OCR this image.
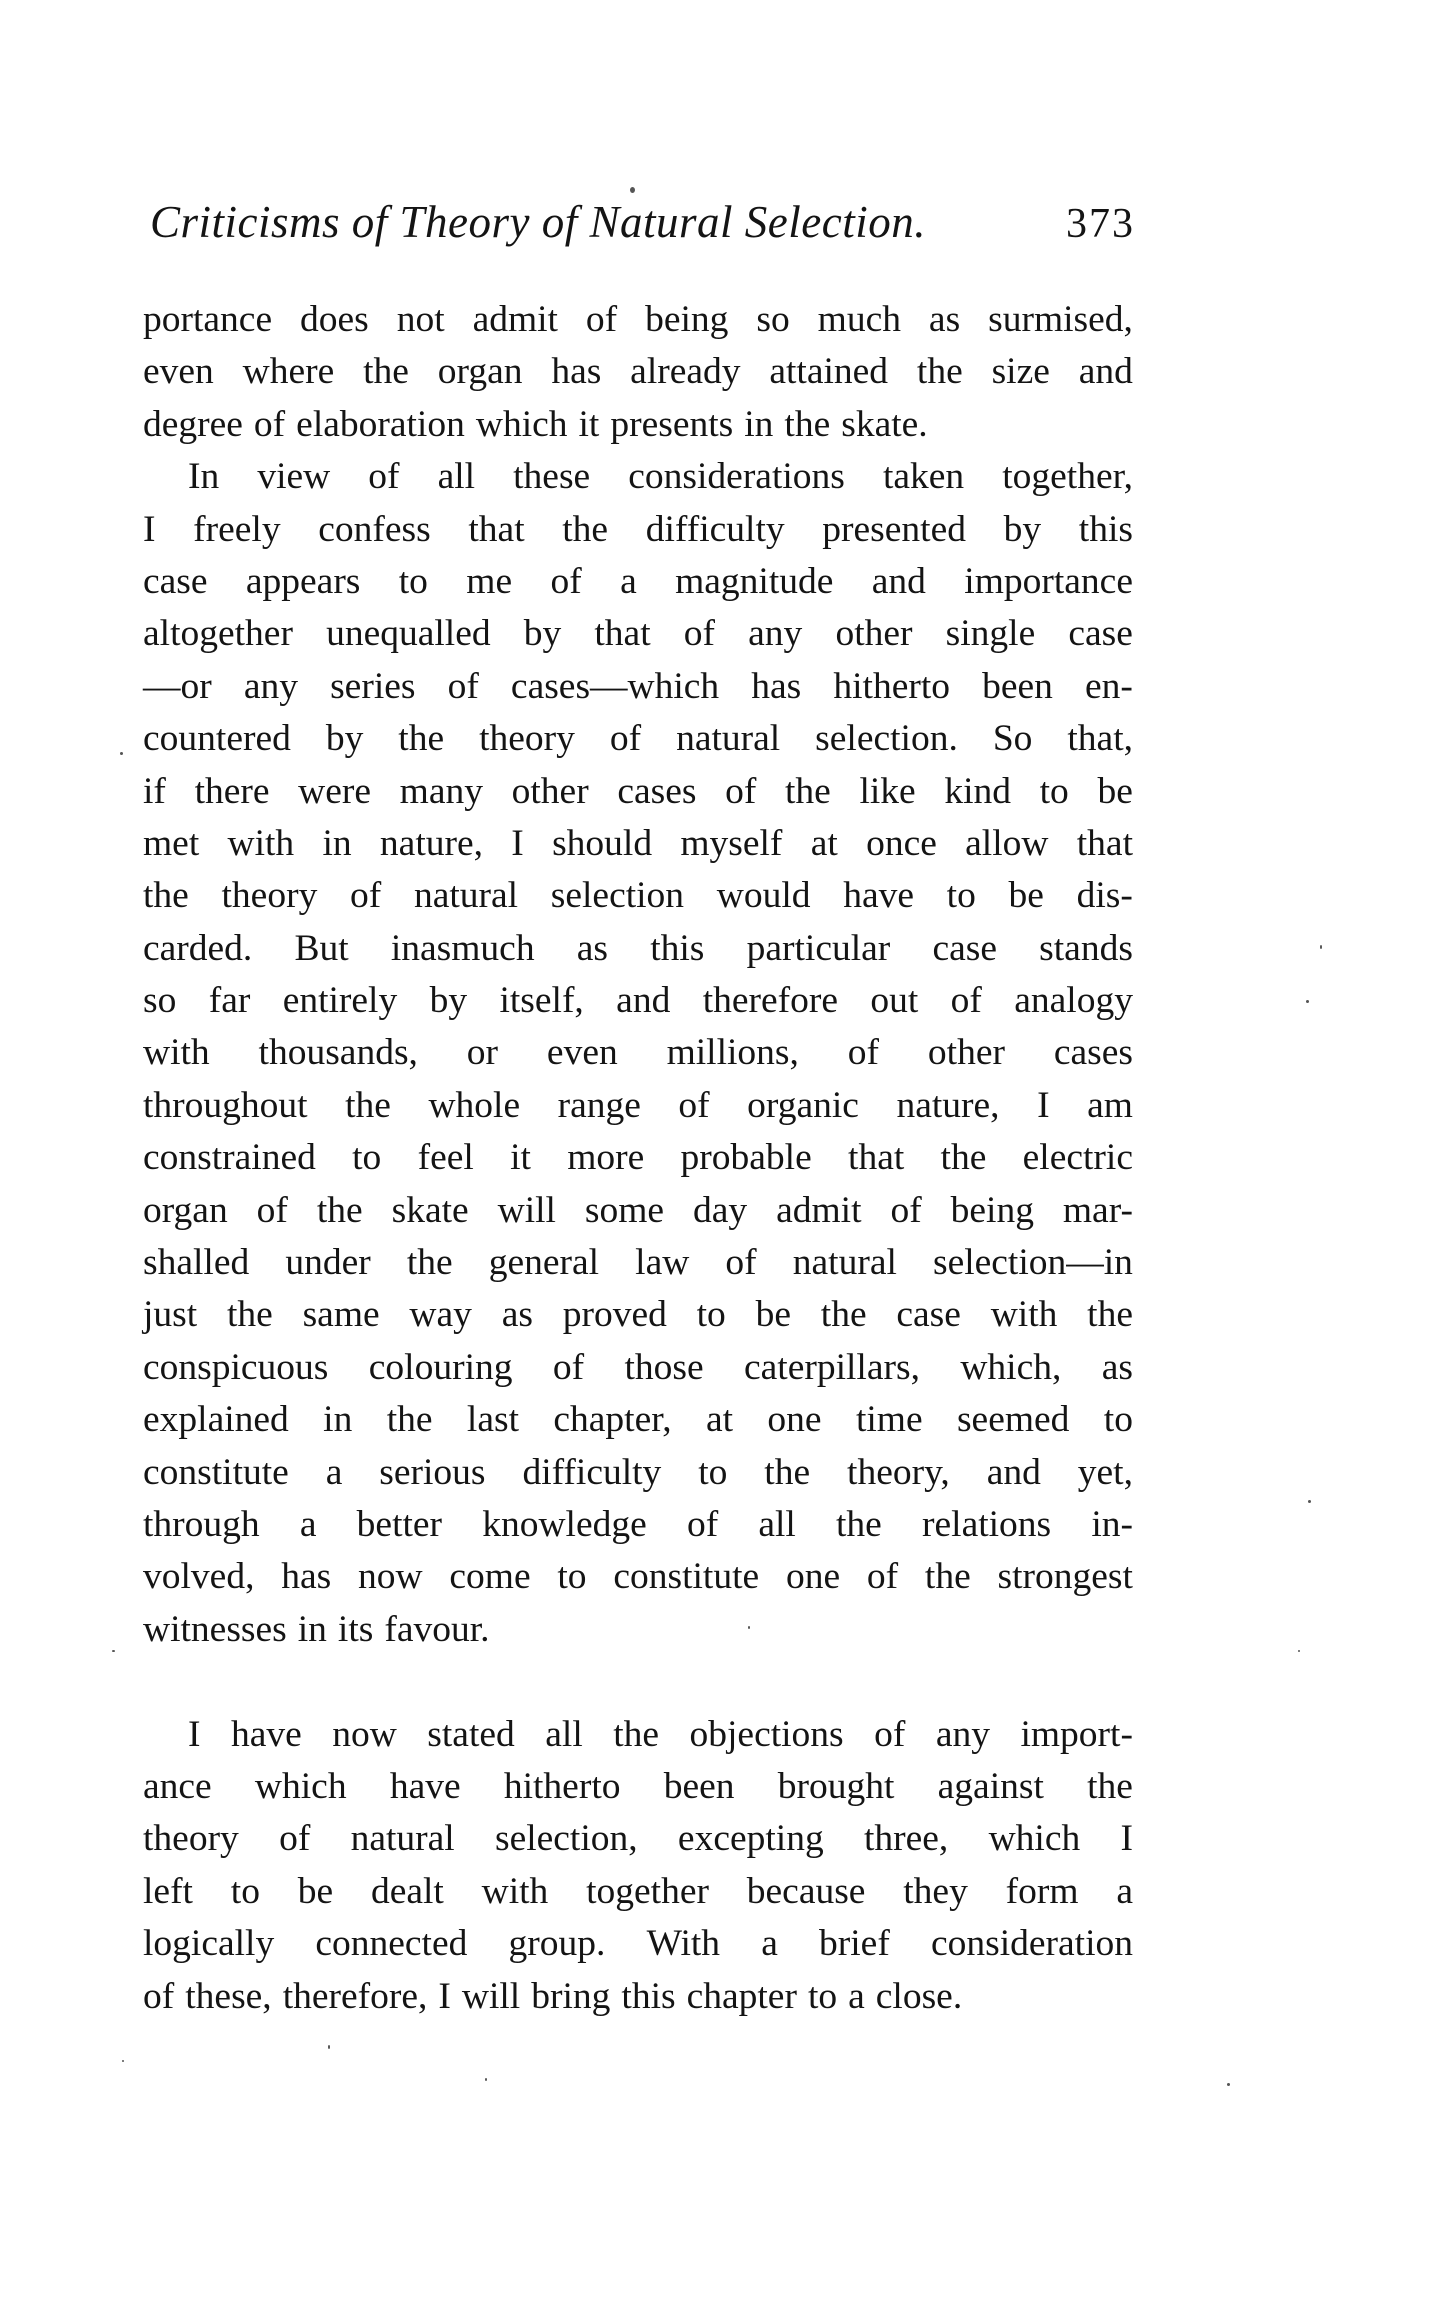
Criticisms of Theory of Natural Selection.	373
portance does not admit of being so much as surmised,
even where the organ has already attained the size and
degree of elaboration which it presents in the skate.
In view of all these considerations taken together,
I freely confess that the difficulty presented by this
case appears to me of a magnitude and importance
altogether unequalled by that of any other single case
—or any series of cases—which has hitherto been en-
countered by the theory of natural selection. So that,
if there were many other cases of the like kind to be
met with in nature, I should myself at once allow that
the theory of natural selection would have to be dis-
carded. But inasmuch as this particular case stands
so far entirely by itself, and therefore out of analogy
with thousands, or even millions, of other cases
throughout the whole range of organic nature, I am
constrained to feel it more probable that the electric
organ of the skate will some day admit of being mar-
shalled under the general law of natural selection—in
just the same way as proved to be the case with the
conspicuous colouring of those caterpillars, which, as
explained in the last chapter, at one time seemed to
constitute a serious difficulty to the theory, and yet,
through a better knowledge of all the relations in-
volved, has now come to constitute one of the strongest
witnesses in its favour.
I have now stated all the objections of any import-
ance which have hitherto been brought against the
theory of natural selection, excepting three, which I
left to be dealt with together because they form a
logically connected group. With a brief consideration
of these, therefore, I will bring this chapter to a close.
